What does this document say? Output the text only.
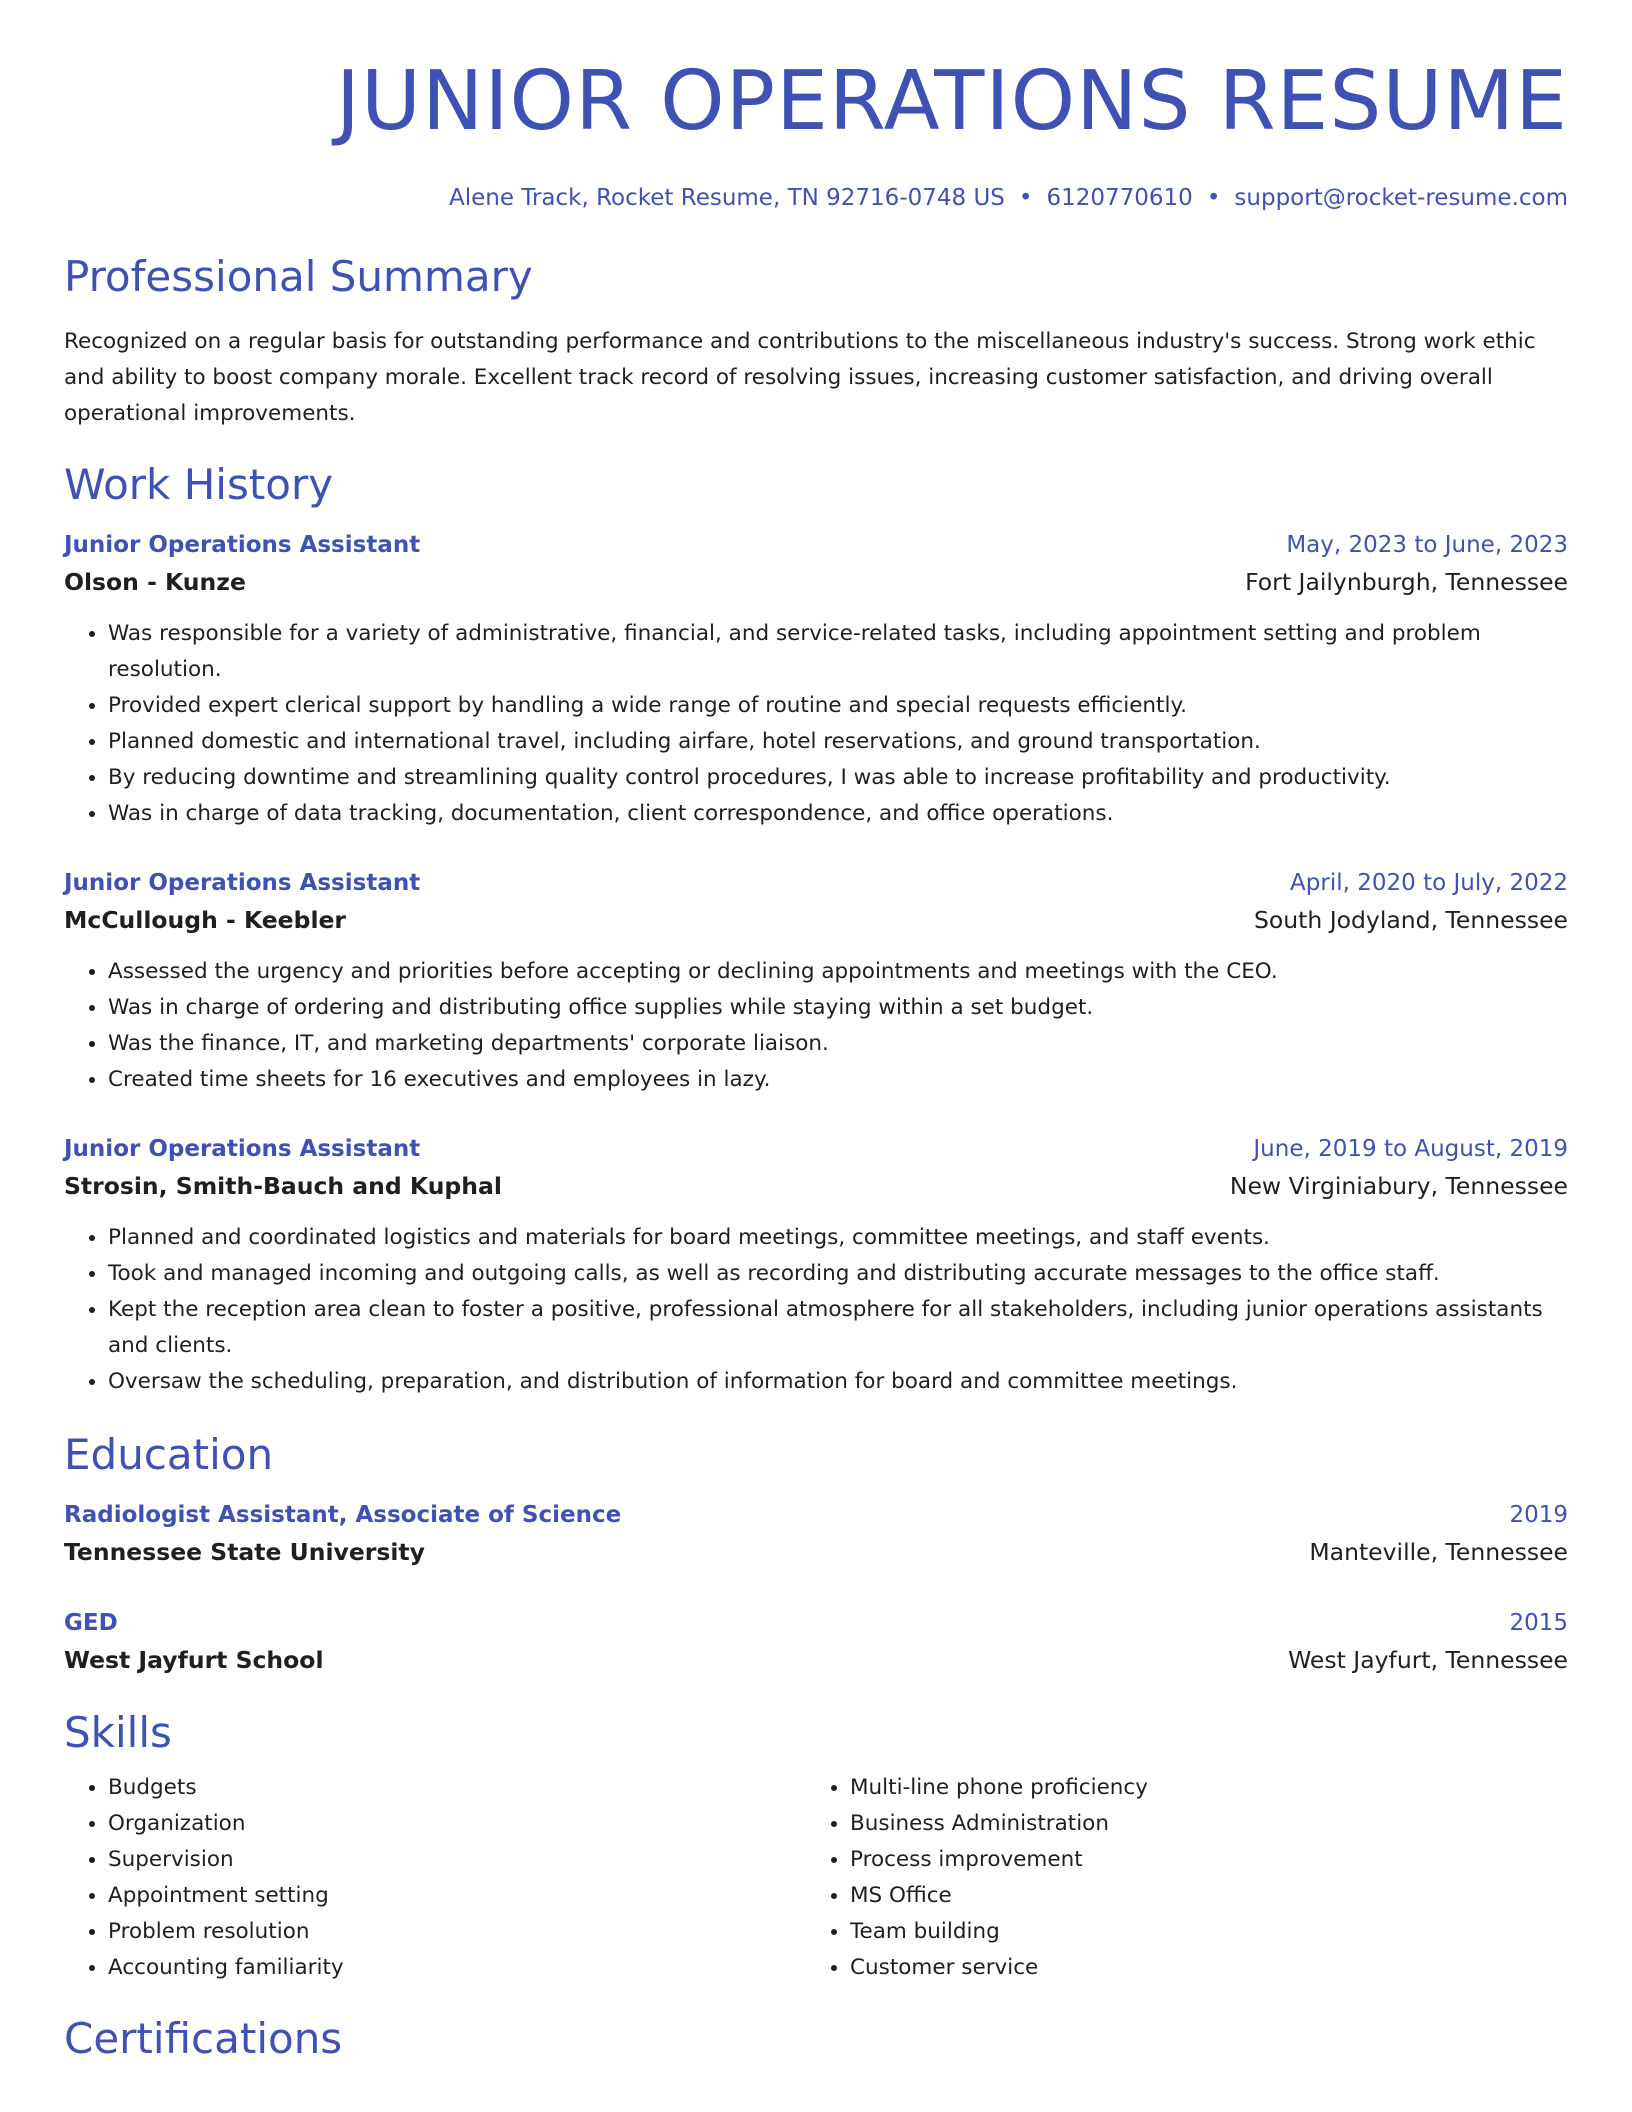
JUNIOR OPERATIONS RESUME
Alene Track, Rocket Resume, TN 92716-0748 US • 6120770610 • support@rocket-resume.com
Professional Summary
Recognized on a regular basis for outstanding performance and contributions to the miscellaneous industry's success. Strong work ethic and ability to boost company morale. Excellent track record of resolving issues, increasing customer satisfaction, and driving overall operational improvements.
Work History
Junior Operations Assistant	May, 2023 to June, 2023
Olson - Kunze	Fort Jailynburgh, Tennessee
• Was responsible for a variety of administrative, financial, and service-related tasks, including appointment setting and problem resolution.
• Provided expert clerical support by handling a wide range of routine and special requests efficiently.
• Planned domestic and international travel, including airfare, hotel reservations, and ground transportation.
• By reducing downtime and streamlining quality control procedures, I was able to increase profitability and productivity.
• Was in charge of data tracking, documentation, client correspondence, and office operations.
Junior Operations Assistant	April, 2020 to July, 2022
McCullough - Keebler	South Jodyland, Tennessee
• Assessed the urgency and priorities before accepting or declining appointments and meetings with the CEO.
• Was in charge of ordering and distributing office supplies while staying within a set budget.
• Was the finance, IT, and marketing departments' corporate liaison.
• Created time sheets for 16 executives and employees in lazy.
Junior Operations Assistant	June, 2019 to August, 2019
Strosin, Smith-Bauch and Kuphal	New Virginiabury, Tennessee
• Planned and coordinated logistics and materials for board meetings, committee meetings, and staff events.
• Took and managed incoming and outgoing calls, as well as recording and distributing accurate messages to the office staff.
• Kept the reception area clean to foster a positive, professional atmosphere for all stakeholders, including junior operations assistants and clients.
• Oversaw the scheduling, preparation, and distribution of information for board and committee meetings.
Education
Radiologist Assistant, Associate of Science	2019
Tennessee State University	Manteville, Tennessee
GED	2015
West Jayfurt School	West Jayfurt, Tennessee
Skills
• Budgets
• Organization
• Supervision
• Appointment setting
• Problem resolution
• Accounting familiarity
• Multi-line phone proficiency
• Business Administration
• Process improvement
• MS Office
• Team building
• Customer service
Certifications
